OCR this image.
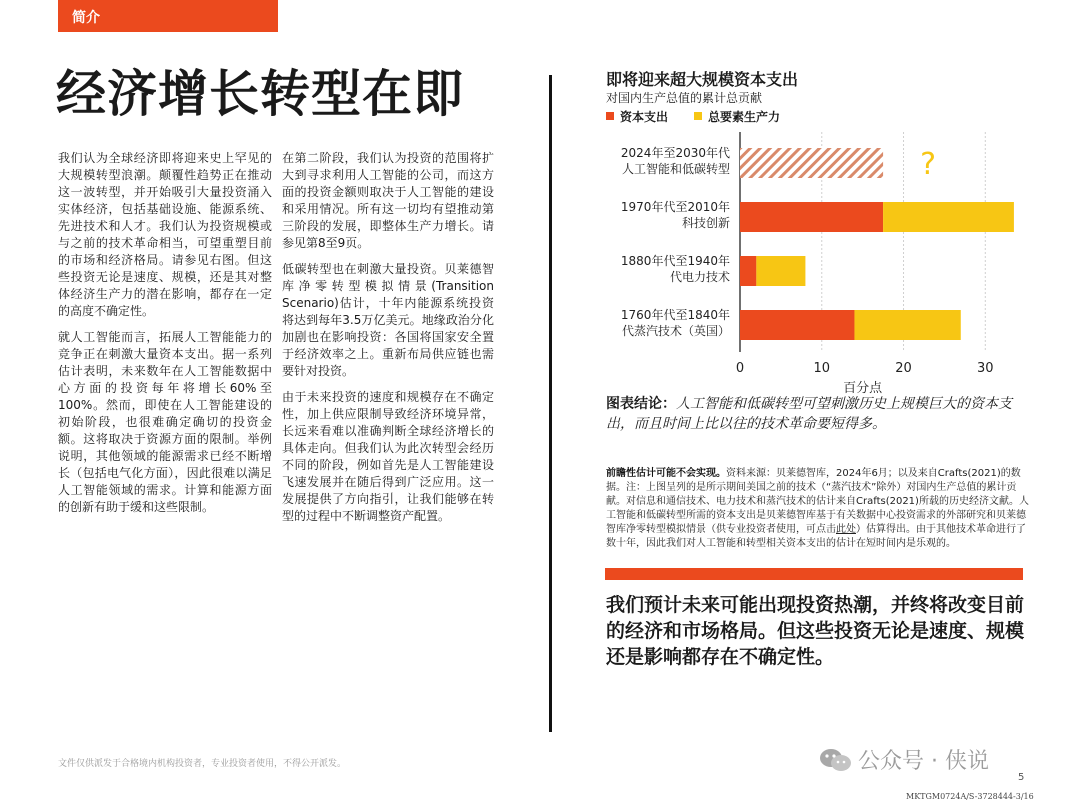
简介
经济增长转型在即

我们认为全球经济即将迎来史上罕见的大规模转型浪潮。颠覆性趋势正在推动这一波转型，并开始吸引大量投资涌入实体经济，包括基础设施、能源系统、先进技术和人才。我们认为投资规模或与之前的技术革命相当，可望重塑目前的市场和经济格局。请参见右图。但这些投资无论是速度、规模，还是其对整体经济生产力的潜在影响，都存在一定的高度不确定性。

就人工智能而言，拓展人工智能能力的竞争正在刺激大量资本支出。据一系列估计表明，未来数年在人工智能数据中心方面的投资每年将增长60%至100%。然而，即使在人工智能建设的初始阶段，也很难确定确切的投资金额。这将取决于资源方面的限制。举例说明，其他领域的能源需求已经不断增长（包括电气化方面），因此很难以满足人工智能领域的需求。计算和能源方面的创新有助于缓和这些限制。

在第二阶段，我们认为投资的范围将扩大到寻求利用人工智能的公司，而这方面的投资金额则取决于人工智能的建设和采用情况。所有这一切均有望推动第三阶段的发展，即整体生产力增长。请参见第8至9页。

低碳转型也在刺激大量投资。贝莱德智库净零转型模拟情景(Transition Scenario)估计，十年内能源系统投资将达到每年3.5万亿美元。地缘政治分化加剧也在影响投资：各国将国家安全置于经济效率之上。重新布局供应链也需要针对投资。

由于未来投资的速度和规模存在不确定性，加上供应限制导致经济环境异常，长远来看难以准确判断全球经济增长的具体走向。但我们认为此次转型会经历不同的阶段，例如首先是人工智能建设飞速发展并在随后得到广泛应用。这一发展提供了方向指引，让我们能够在转型的过程中不断调整资产配置。

即将迎来超大规模资本支出
对国内生产总值的累计总贡献
资本支出	总要素生产力
0	10	20	30
百分点
2024年至2030年代
人工智能和低碳转型	?
1970年代至2010年
科技创新
1880年代至1940年
代电力技术
1760年代至1840年
代蒸汽技术（英国）
图表结论：人工智能和低碳转型可望刺激历史上规模巨大的资本支出，而且时间上比以往的技术革命要短得多。
前瞻性估计可能不会实现。资料来源：贝莱德智库，2024年6月；以及来自Crafts(2021)的数据。注：上图呈列的是所示期间美国之前的技术（“蒸汽技术”除外）对国内生产总值的累计贡献。对信息和通信技术、电力技术和蒸汽技术的估计来自Crafts(2021)所载的历史经济文献。人工智能和低碳转型所需的资本支出是贝莱德智库基于有关数据中心投资需求的外部研究和贝莱德智库净零转型模拟情景（供专业投资者使用，可点击此处）估算得出。由于其他技术革命进行了数十年，因此我们对人工智能和转型相关资本支出的估计在短时间内是乐观的。
我们预计未来可能出现投资热潮，并终将改变目前的经济和市场格局。但这些投资无论是速度、规模还是影响都存在不确定性。
文件仅供派发于合格境内机构投资者，专业投资者使用，不得公开派发。	公众号 · 侠说
5
MKTGM0724A/S-3728444-3/16
